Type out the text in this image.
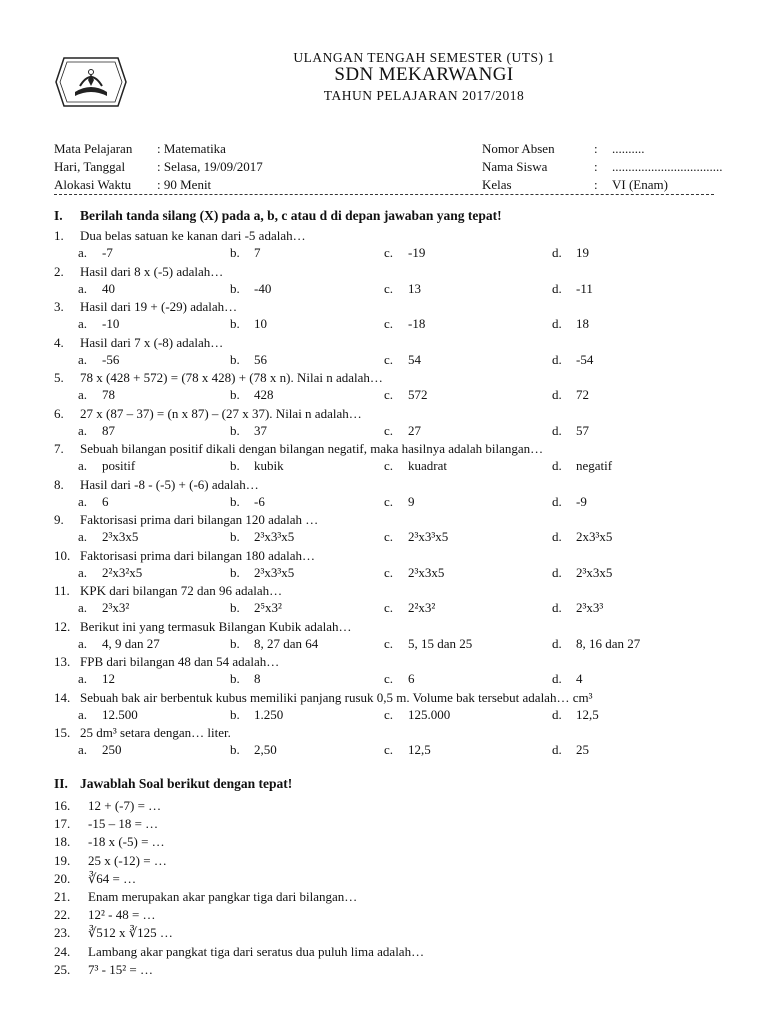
ULANGAN TENGAH SEMESTER (UTS) 1
SDN MEKARWANGI
TAHUN PELAJARAN 2017/2018
Mata Pelajaran : Matematika
Hari, Tanggal : Selasa, 19/09/2017
Alokasi Waktu : 90 Menit
Nomor Absen	: ..........
Nama Siswa	: ..................................
Kelas	: VI (Enam)
I. Berilah tanda silang (X) pada a, b, c atau d di depan jawaban yang tepat!
1. Dua belas satuan ke kanan dari -5 adalah…
a. -7	b. 7	c. -19	d. 19
2. Hasil dari 8 x (-5) adalah…
a. 40	b. -40	c. 13	d. -11
3. Hasil dari 19 + (-29) adalah…
a. -10	b. 10	c. -18	d. 18
4. Hasil dari 7 x (-8) adalah…
a. -56	b. 56	c. 54	d. -54
5. 78 x (428 + 572) = (78 x 428) + (78 x n). Nilai n adalah…
a. 78	b. 428	c. 572	d. 72
6. 27 x (87 – 37) = (n x 87) – (27 x 37). Nilai n adalah…
a. 87	b. 37	c. 27	d. 57
7. Sebuah bilangan positif dikali dengan bilangan negatif, maka hasilnya adalah bilangan…
a. positif	b. kubik	c. kuadrat	d. negatif
8. Hasil dari -8 - (-5) + (-6) adalah…
a. 6	b. -6	c. 9	d. -9
9. Faktorisasi prima dari bilangan 120 adalah …
a. 2³x3x5	b. 2³x3³x5	c. 2³x3³x5	d. 2x3³x5
10. Faktorisasi prima dari bilangan 180 adalah…
a. 2²x3²x5	b. 2³x3³x5	c. 2³x3x5	d. 2³x3x5
11. KPK dari bilangan 72 dan 96 adalah…
a. 2³x3²	b. 2⁵x3²	c. 2²x3²	d. 2³x3³
12. Berikut ini yang termasuk Bilangan Kubik adalah…
a. 4, 9 dan 27	b. 8, 27 dan 64	c. 5, 15 dan 25	d. 8, 16 dan 27
13. FPB dari bilangan 48 dan 54 adalah…
a. 12	b. 8	c. 6	d. 4
14. Sebuah bak air berbentuk kubus memiliki panjang rusuk 0,5 m. Volume bak tersebut adalah… cm³
a. 12.500	b. 1.250	c. 125.000	d. 12,5
15. 25 dm³ setara dengan… liter.
a. 250	b. 2,50	c. 12,5	d. 25
II. Jawablah Soal berikut dengan tepat!
16. 12 + (-7) = …
17. -15 – 18 = …
18. -18 x (-5) = …
19. 25 x (-12) = …
20. ∛64 = …
21. Enam merupakan akar pangkar tiga dari bilangan…
22. 12² - 48 = …
23. ∛512 x ∛125 …
24. Lambang akar pangkat tiga dari seratus dua puluh lima adalah…
25. 7³ - 15² = …
